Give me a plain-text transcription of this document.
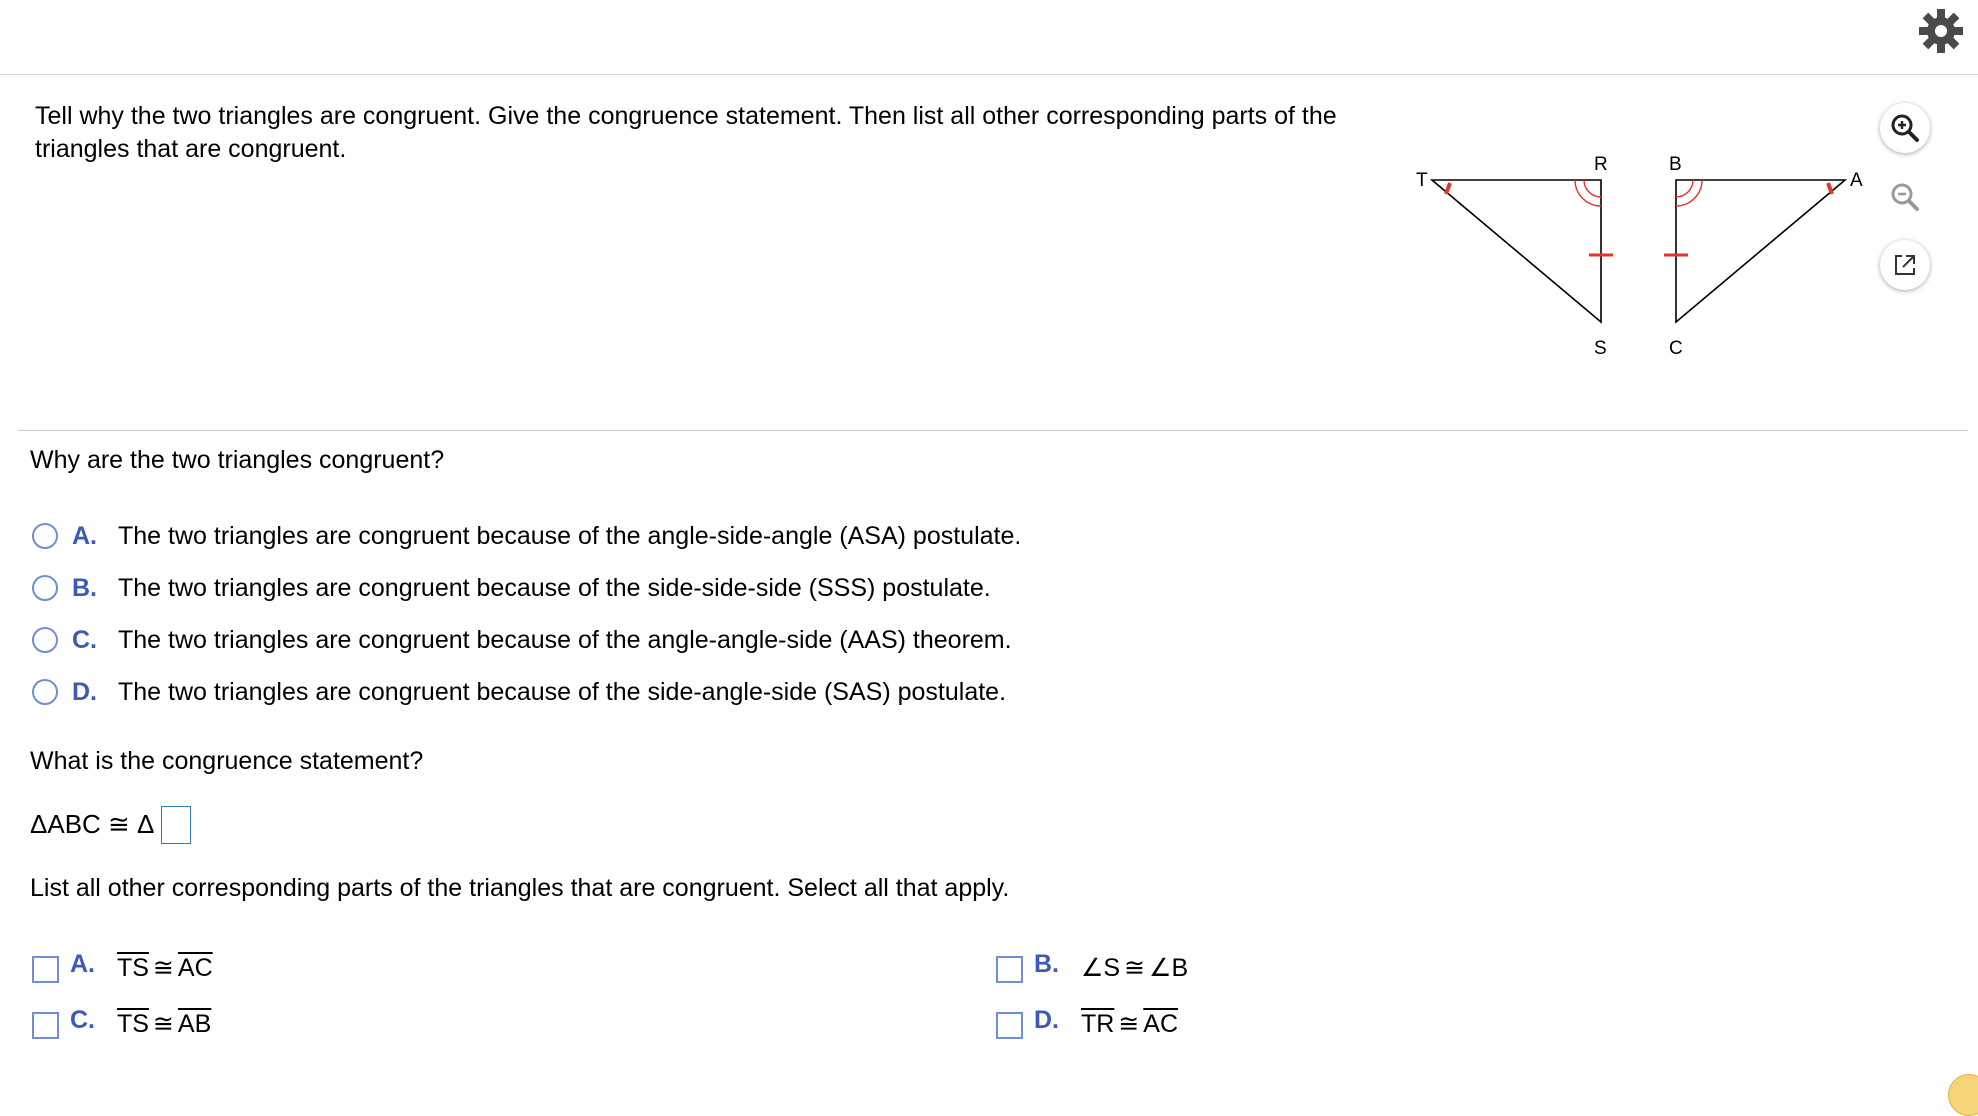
Tell why the two triangles are congruent. Give the congruence statement. Then list all other corresponding parts of the triangles that are congruent.
T
R
S
B
A
C
Why are the two triangles congruent?
A. The two triangles are congruent because of the angle-side-angle (ASA) postulate.
B. The two triangles are congruent because of the side-side-side (SSS) postulate.
C. The two triangles are congruent because of the angle-angle-side (AAS) theorem.
D. The two triangles are congruent because of the side-angle-side (SAS) postulate.
What is the congruence statement?
ΔABC ≅ Δ
List all other corresponding parts of the triangles that are congruent. Select all that apply.
A. $\overline{TS}$ ≅ $\overline{AC}$	B. ∠S ≅ ∠B
C. $\overline{TS}$ ≅ $\overline{AB}$	D. $\overline{TR}$ ≅ $\overline{AC}$
